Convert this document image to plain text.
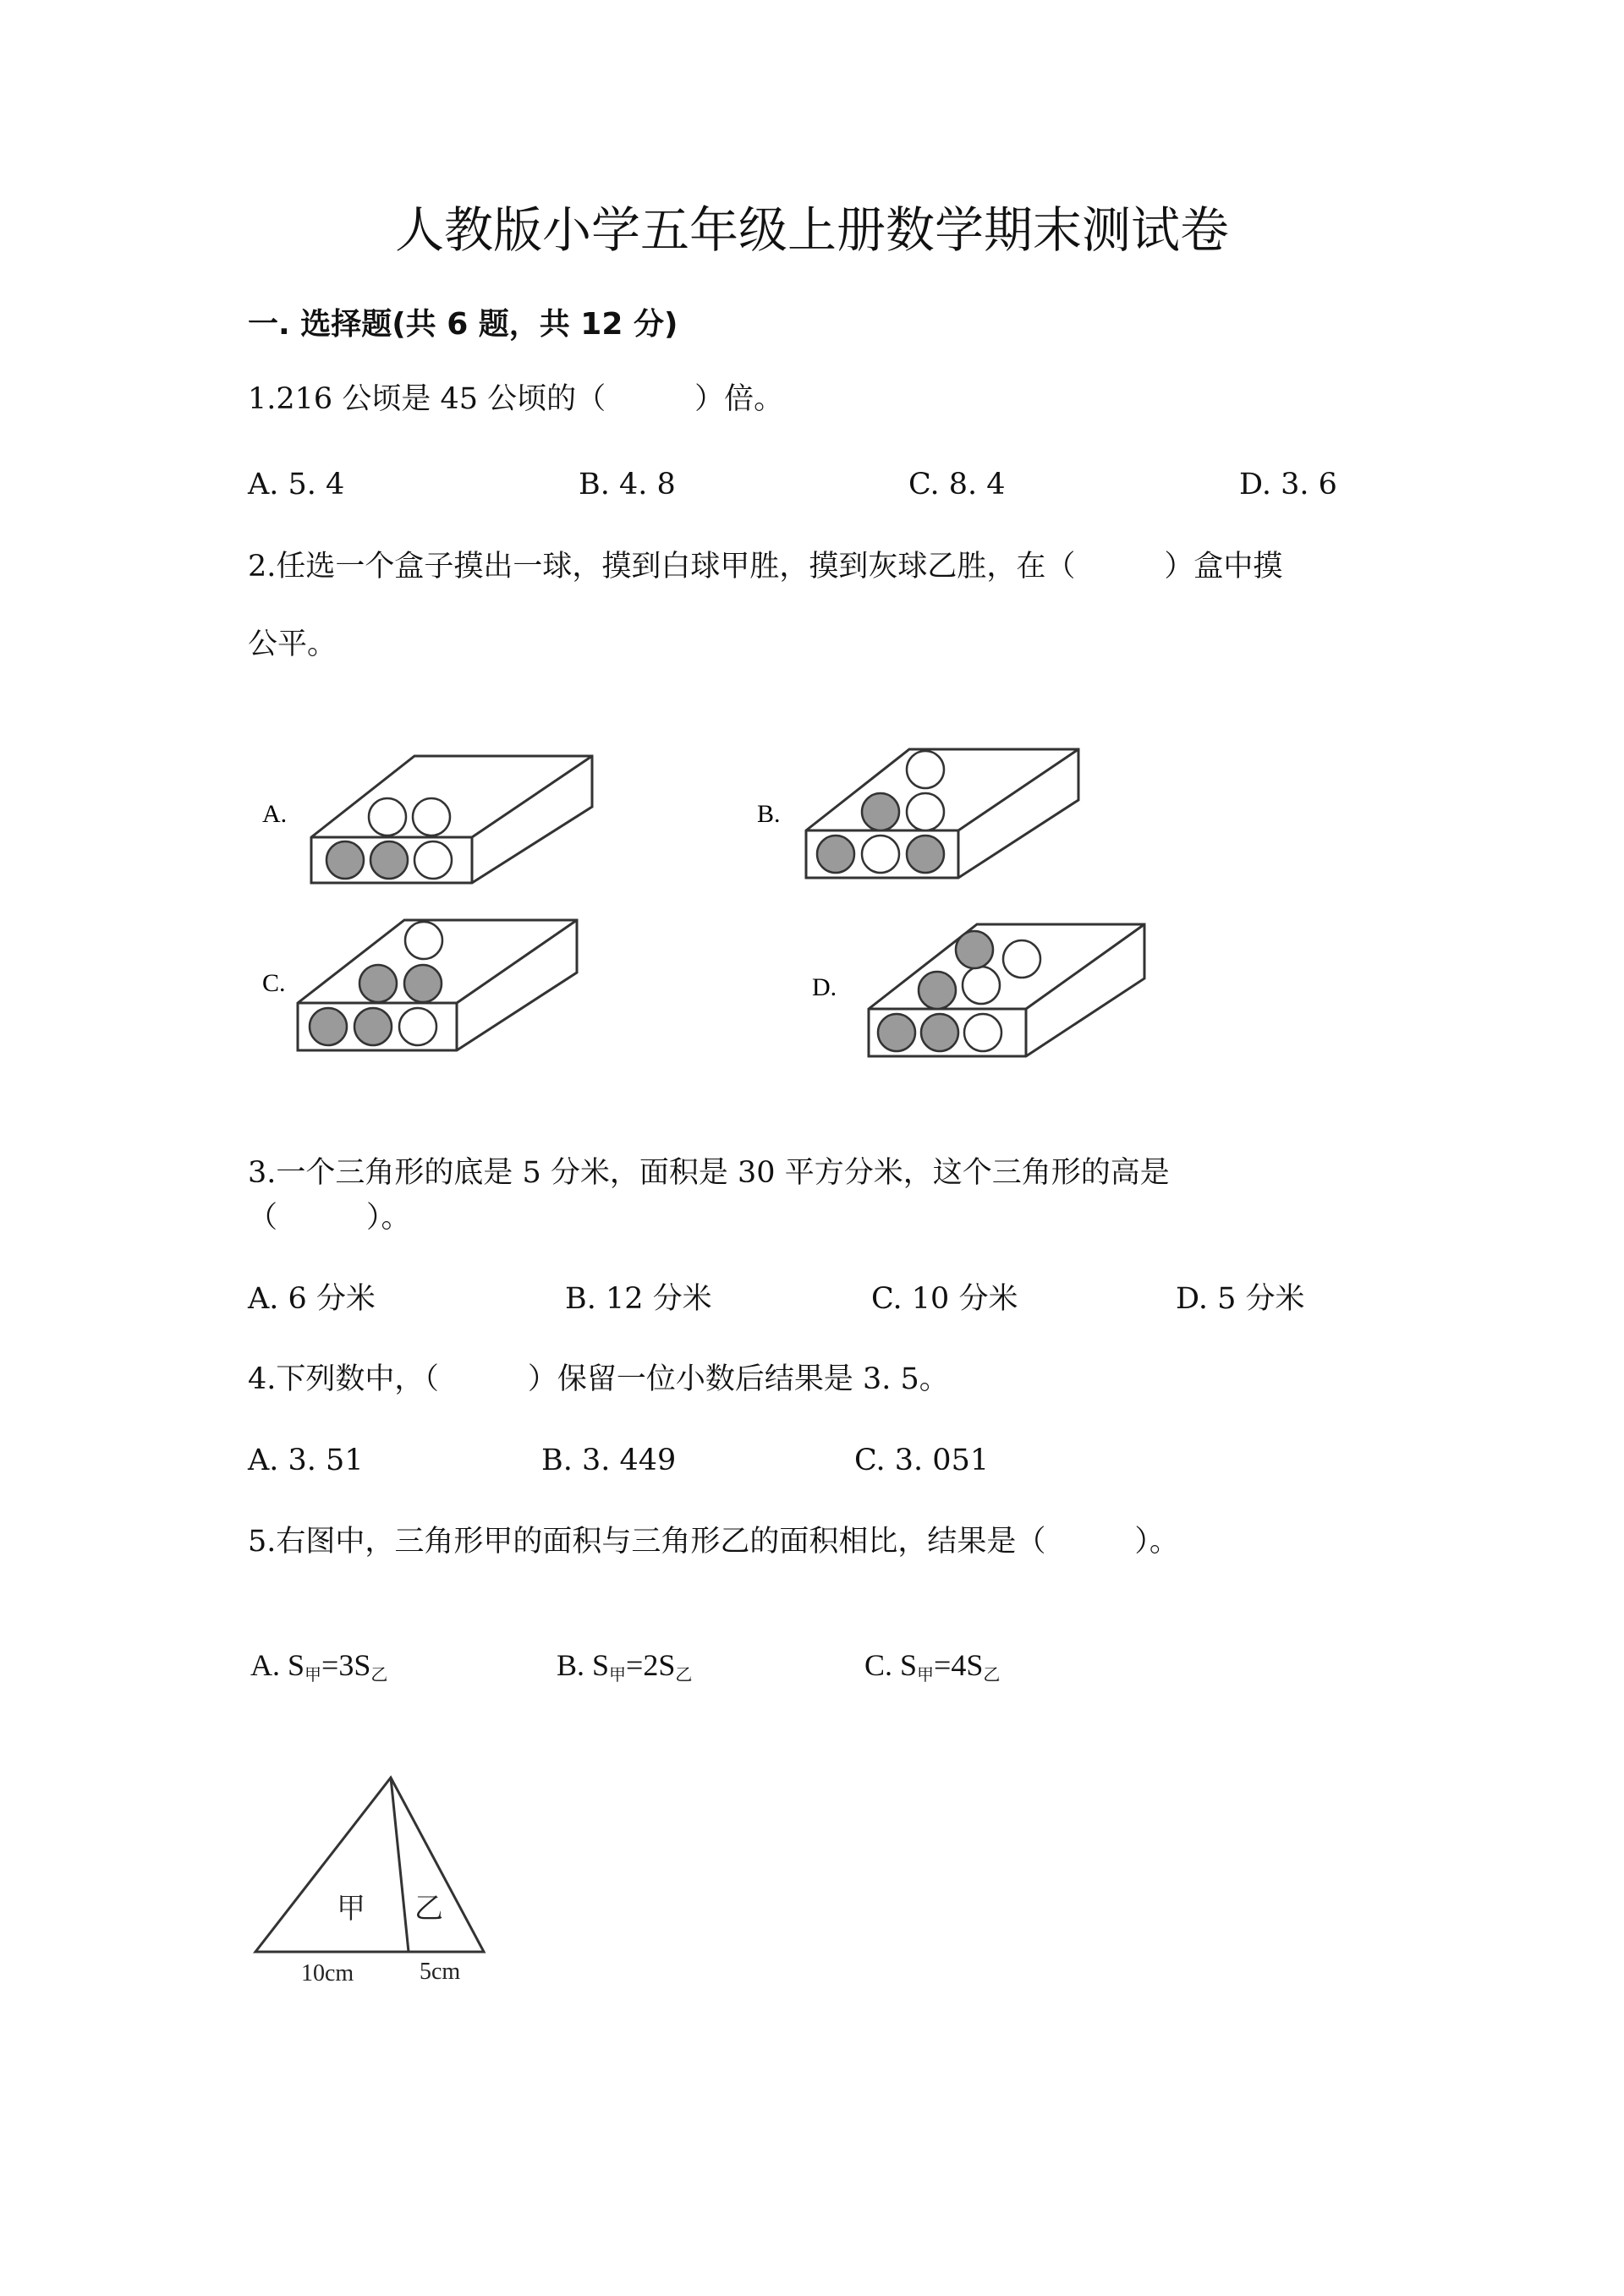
人教版小学五年级上册数学期末测试卷
一. 选择题(共 6 题，共 12 分)
1.216 公顷是 45 公顷的（　　　）倍。
A. 5. 4	B. 4. 8	C. 8. 4	D. 3. 6
2.任选一个盒子摸出一球，摸到白球甲胜，摸到灰球乙胜，在（　　　）盒中摸
公平。
A.	B.
C.	D.
3.一个三角形的底是 5 分米，面积是 30 平方分米，这个三角形的高是
（　　　）。
A. 6 分米	B. 12 分米	C. 10 分米	D. 5 分米
4.下列数中，（　　　）保留一位小数后结果是 3. 5。
A. 3. 51	B. 3. 449	C. 3. 051
5.右图中，三角形甲的面积与三角形乙的面积相比，结果是（　　　）。
A. $S_甲=3S_乙$	B. $S_甲=2S_乙$	C. $S_甲=4S_乙$
甲 乙
10cm	5cm
